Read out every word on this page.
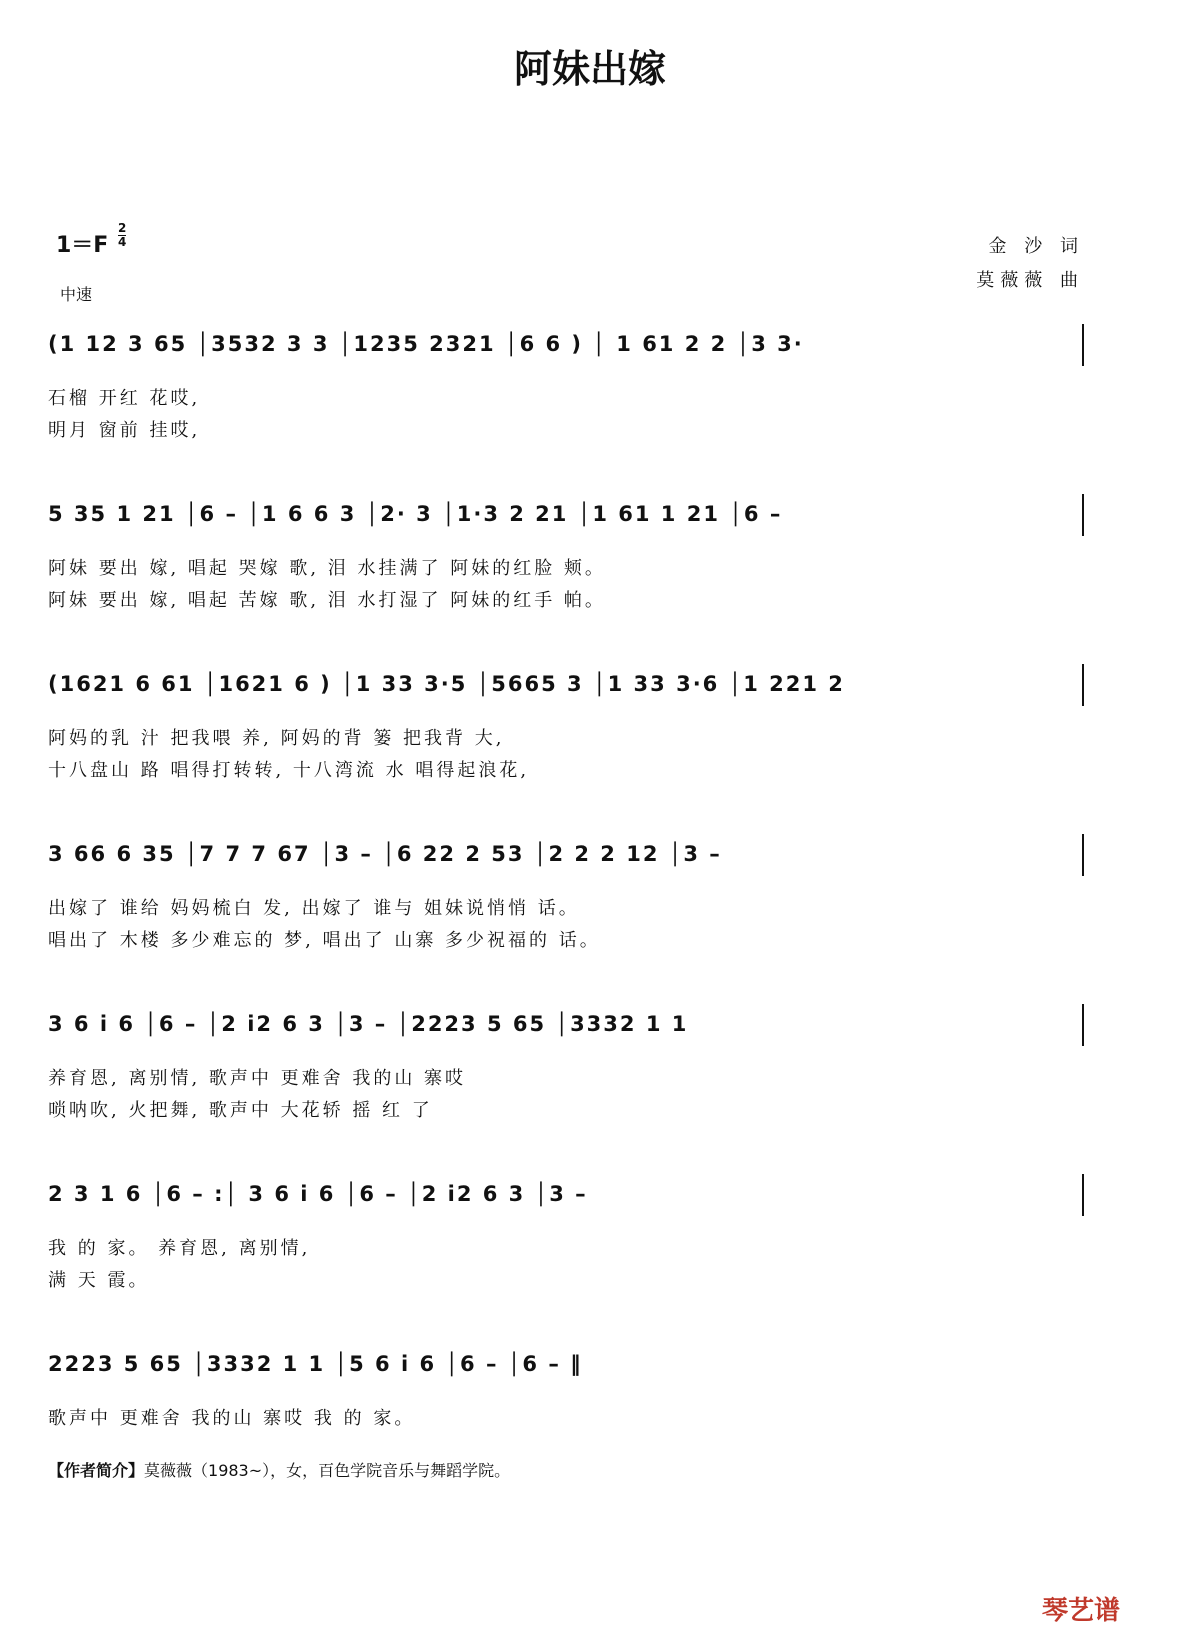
阿妹出嫁
$1=F \frac{2}{4}$
中速
金 沙 词
莫薇薇 曲
(1 12 3 65 │3532 3 3 │1235 2321 │6 6 ) │ 1 61 2 2 │3 3·
石榴 开红 花哎,
明月 窗前 挂哎,
5 35 1 21 │6 – │1 6 6 3 │2· 3 │1·3 2 21 │1 61 1 21 │6 –
阿妹 要出 嫁, 唱起 哭嫁 歌, 泪 水挂满了 阿妹的红脸 颊。
阿妹 要出 嫁, 唱起 苦嫁 歌, 泪 水打湿了 阿妹的红手 帕。
(1621 6 61 │1621 6 ) │1 33 3·5 │5665 3 │1 33 3·6 │1 221 2
阿妈的乳 汁 把我喂 养, 阿妈的背 篓 把我背 大,
十八盘山 路 唱得打转转, 十八湾流 水 唱得起浪花,
3 66 6 35 │7 7 7 67 │3 – │6 22 2 53 │2 2 2 12 │3 –
出嫁了 谁给 妈妈梳白 发, 出嫁了 谁与 姐妹说悄悄 话。
唱出了 木楼 多少难忘的 梦, 唱出了 山寨 多少祝福的 话。
3 6 i 6 │6 – │2 i2 6 3 │3 – │2223 5 65 │3332 1 1
养育恩, 离别情, 歌声中 更难舍 我的山 寨哎
唢呐吹, 火把舞, 歌声中 大花轿 摇 红 了
2 3 1 6 │6 – :│ 3 6 i 6 │6 – │2 i2 6 3 │3 –
我 的 家。 养育恩, 离别情,
满 天 霞。
2223 5 65 │3332 1 1 │5 6 i 6 │6 – │6 – ‖
歌声中 更难舍 我的山 寨哎 我 的 家。
【作者简介】莫薇薇（1983~），女，百色学院音乐与舞蹈学院。
琴艺谱
